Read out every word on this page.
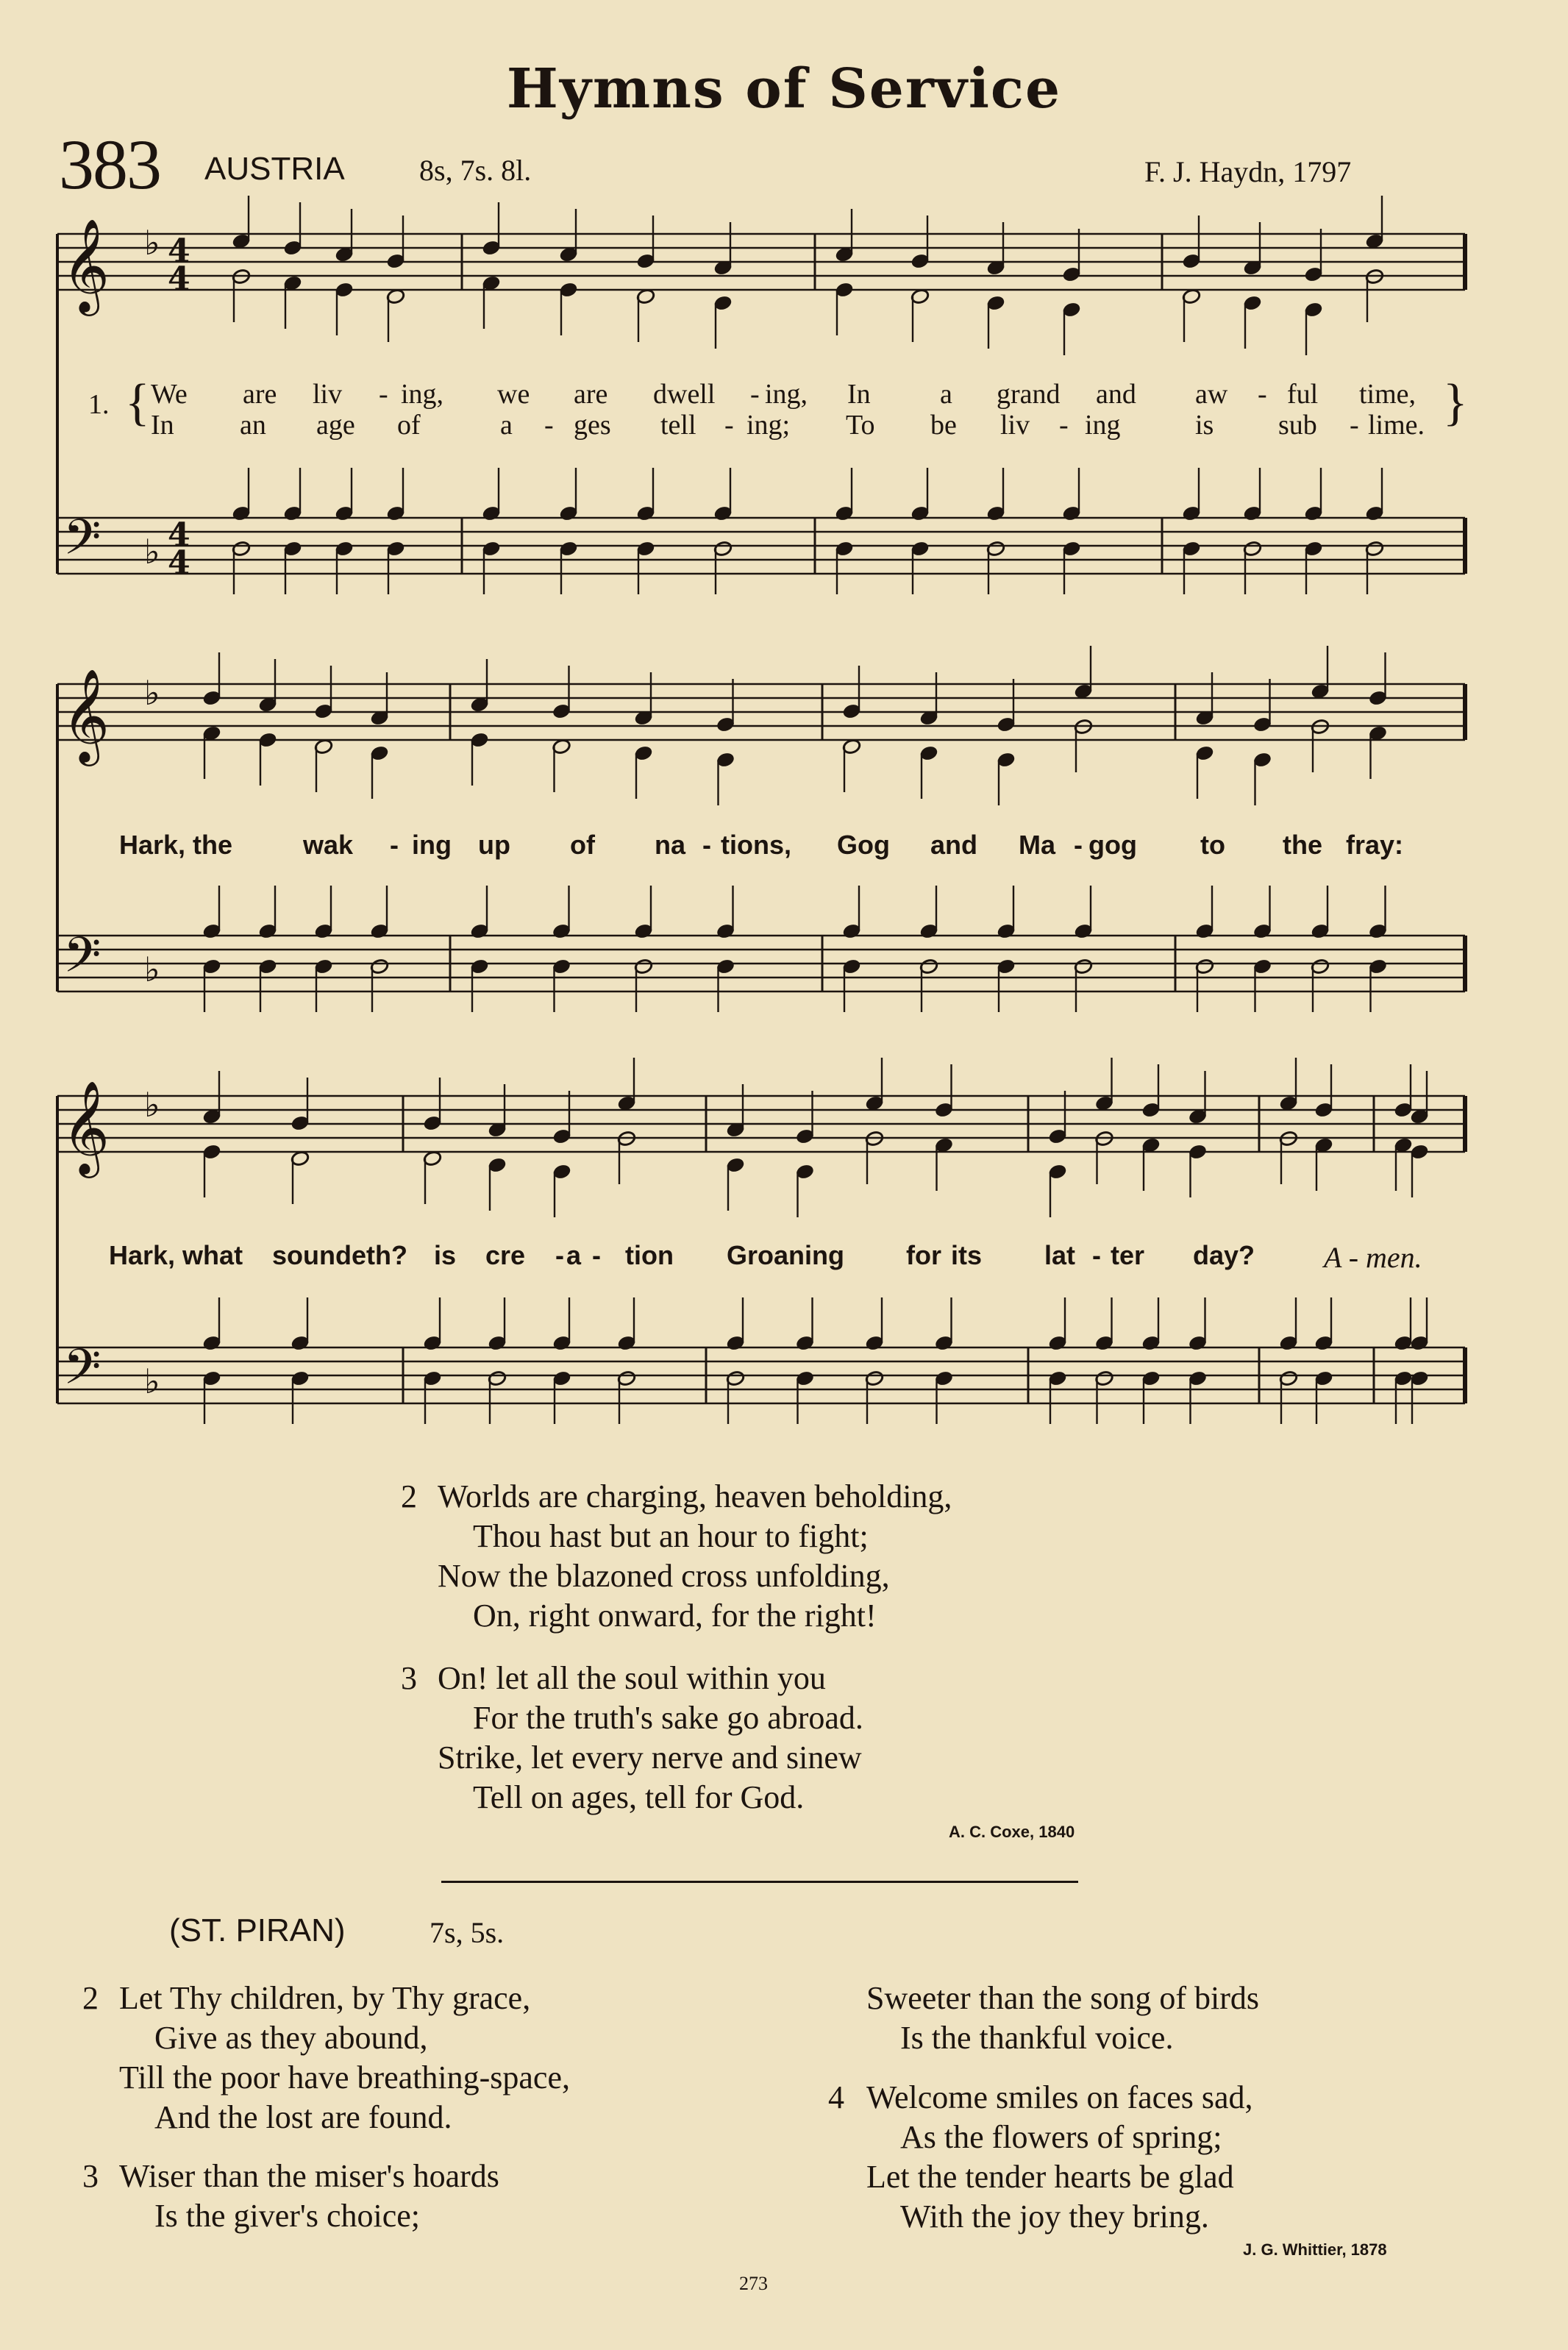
Hymns of Service
383 AUSTRIA	8s, 7s. 8l.	F. J. Haydn, 1797
𝄞
𝄢
♭
♭
4
4
4
4
𝄞
𝄢
♭
♭
𝄞
𝄢
♭
♭
1. {	}
We are liv - ing, we are dwell - ing, In a grand and aw - ful time,
In an age of	a - ges tell - ing; To be liv - ing	is sub - lime.
Hark, the	wak - ing up of na - tions, Gog and Ma - gog to the fray:
Hark, what soundeth? is cre - a - tion Groaning for its lat - ter day? A - men.
2 Worlds are charging, heaven beholding,
Thou hast but an hour to fight;
Now the blazoned cross unfolding,
On, right onward, for the right!
3 On! let all the soul within you
For the truth's sake go abroad.
Strike, let every nerve and sinew
Tell on ages, tell for God.
A. C. Coxe, 1840
(ST. PIRAN)	7s, 5s.
2 Let Thy children, by Thy grace,
Give as they abound,
Till the poor have breathing-space,
And the lost are found.
3 Wiser than the miser's hoards
Is the giver's choice;
Sweeter than the song of birds
Is the thankful voice.
4 Welcome smiles on faces sad,
As the flowers of spring;
Let the tender hearts be glad
With the joy they bring.
J. G. Whittier, 1878
273
